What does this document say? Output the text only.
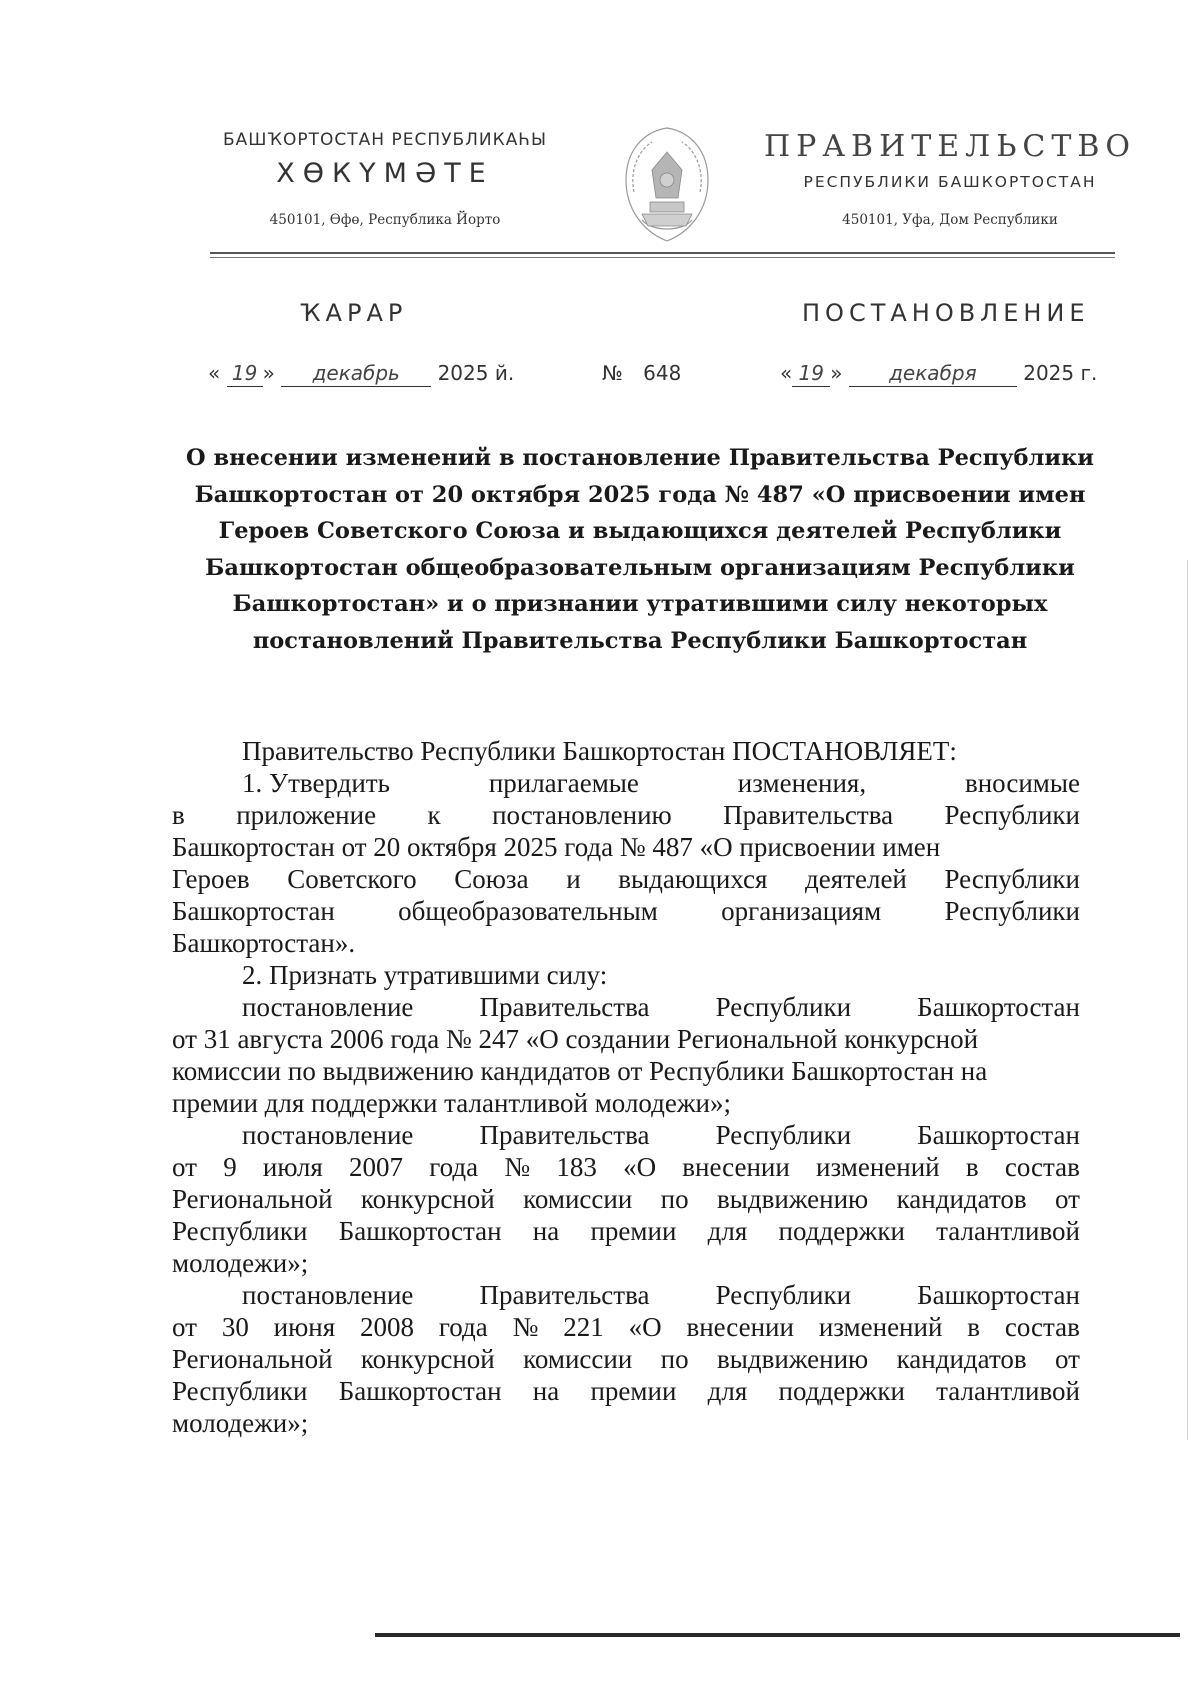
БАШҠОРТОСТАН РЕСПУБЛИКАҺЫ
ХӨКҮМӘТЕ
450101, Өфө, Республика Йорто
ПРАВИТЕЛЬСТВО
РЕСПУБЛИКИ БАШКОРТОСТАН
450101, Уфа, Дом Республики
ҠАРАР	ПОСТАНОВЛЕНИЕ
« 19 » декабрь 2025 й.	№ 648	« 19 » декабря 2025 г.
О внесении изменений в постановление Правительства Республики
Башкортостан от 20 октября 2025 года № 487 «О присвоении имен
Героев Советского Союза и выдающихся деятелей Республики
Башкортостан общеобразовательным организациям Республики
Башкортостан» и о признании утратившими силу некоторых
постановлений Правительства Республики Башкортостан
Правительство Республики Башкортостан ПОСТАНОВЛЯЕТ:
1. Утвердить	прилагаемые	изменения,	вносимые
в приложение к постановлению Правительства Республики
Башкортостан от 20 октября 2025 года № 487 «О присвоении имен
Героев Советского Союза и выдающихся деятелей Республики
Башкортостан общеобразовательным организациям Республики
Башкортостан».
2. Признать утратившими силу:
постановление Правительства Республики Башкортостан
от 31 августа 2006 года № 247 «О создании Региональной конкурсной
комиссии по выдвижению кандидатов от Республики Башкортостан на
премии для поддержки талантливой молодежи»;
постановление Правительства Республики Башкортостан
от 9 июля 2007 года № 183 «О внесении изменений в состав
Региональной конкурсной комиссии по выдвижению кандидатов от
Республики Башкортостан на премии для поддержки талантливой
молодежи»;
постановление Правительства Республики Башкортостан
от 30 июня 2008 года № 221 «О внесении изменений в состав
Региональной конкурсной комиссии по выдвижению кандидатов от
Республики Башкортостан на премии для поддержки талантливой
молодежи»;
